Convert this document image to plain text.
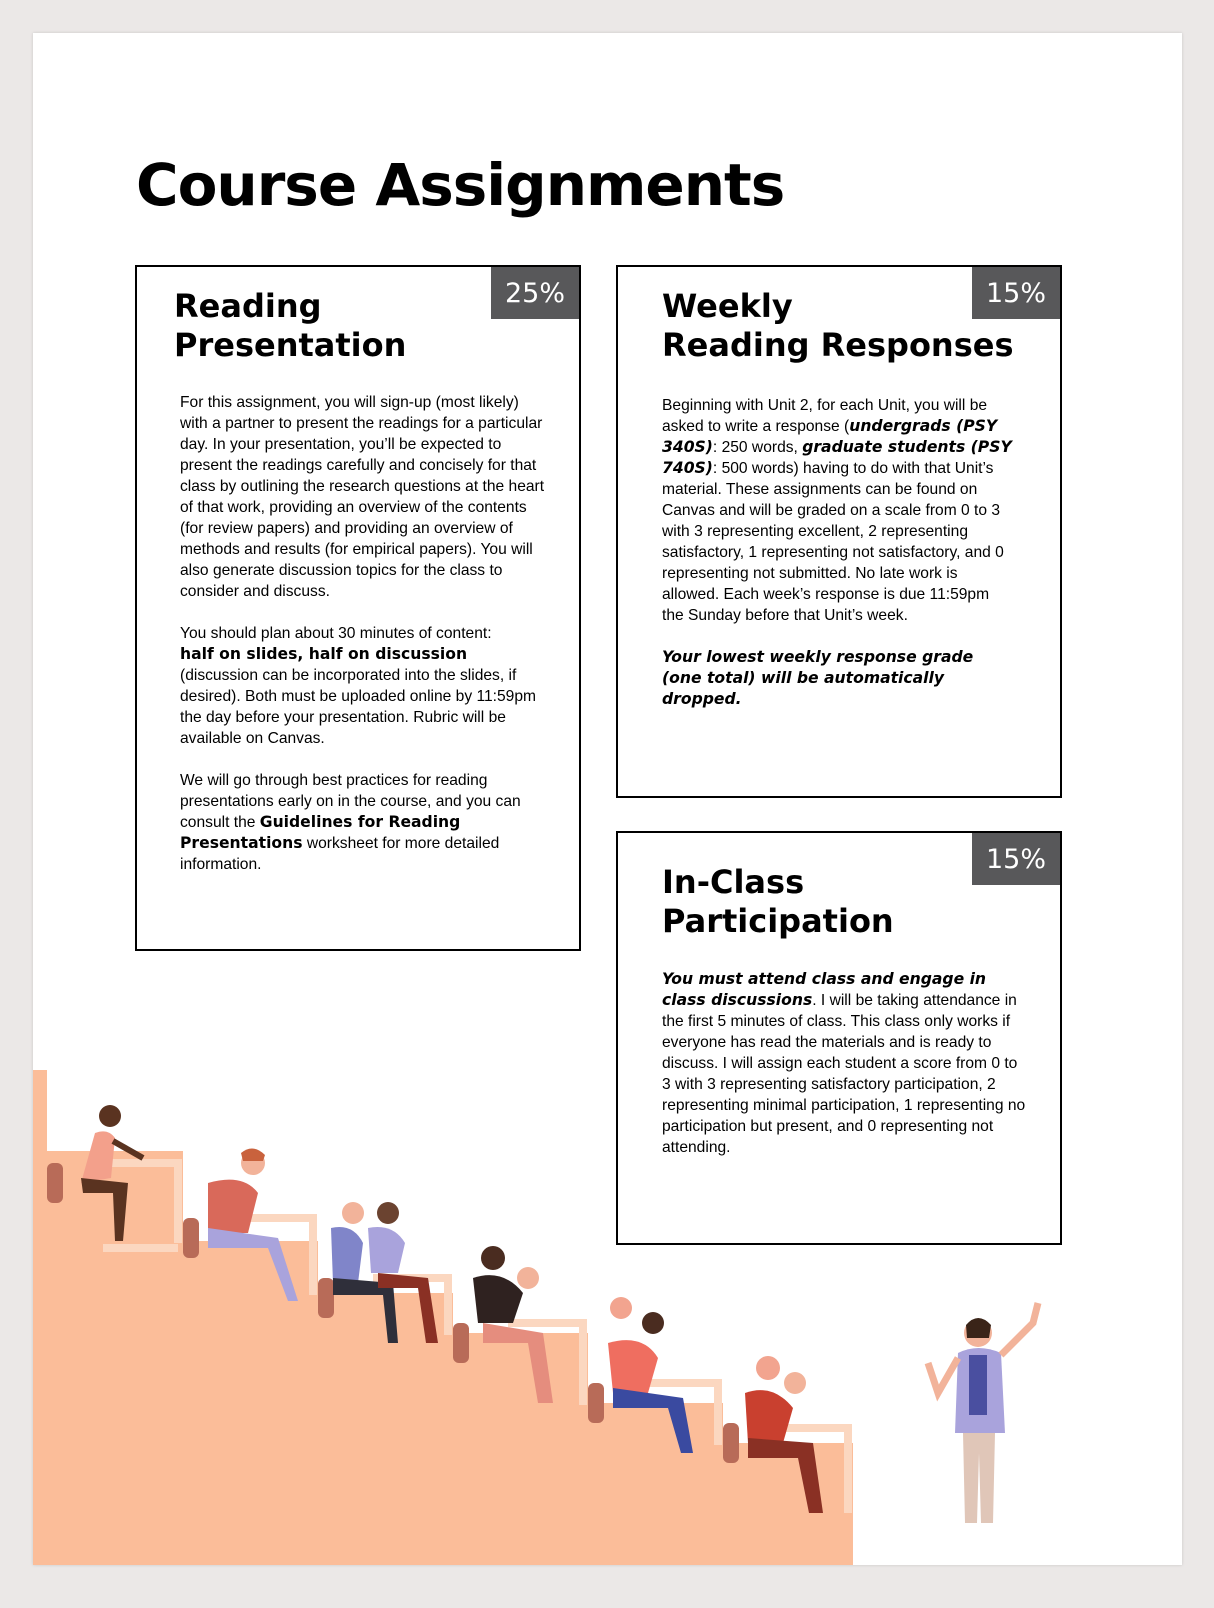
Course Assignments
25%
Reading
Presentation

For this assignment, you will sign-up (most likely) with a partner to present the readings for a particular day. In your presentation, you’ll be expected to present the readings carefully and concisely for that class by outlining the research questions at the heart of that work, providing an overview of the contents (for review papers) and providing an overview of methods and results (for empirical papers). You will also generate discussion topics for the class to consider and discuss.

You should plan about 30 minutes of content:
half on slides, half on discussion
(discussion can be incorporated into the slides, if desired). Both must be uploaded online by 11:59pm the day before your presentation. Rubric will be available on Canvas.

We will go through best practices for reading presentations early on in the course, and you can consult the Guidelines for Reading Presentations worksheet for more detailed information.

15%
Weekly
Reading Responses

Beginning with Unit 2, for each Unit, you will be asked to write a response (undergrads (PSY 340S): 250 words, graduate students (PSY 740S): 500 words) having to do with that Unit’s material. These assignments can be found on Canvas and will be graded on a scale from 0 to 3 with 3 representing excellent, 2 representing satisfactory, 1 representing not satisfactory, and 0 representing not submitted. No late work is allowed. Each week’s response is due 11:59pm the Sunday before that Unit’s week.

Your lowest weekly response grade (one total) will be automatically dropped.

15%
In-Class
Participation

You must attend class and engage in class discussions. I will be taking attendance in the first 5 minutes of class. This class only works if everyone has read the materials and is ready to discuss. I will assign each student a score from 0 to 3 with 3 representing satisfactory participation, 2 representing minimal participation, 1 representing no participation but present, and 0 representing not attending.
